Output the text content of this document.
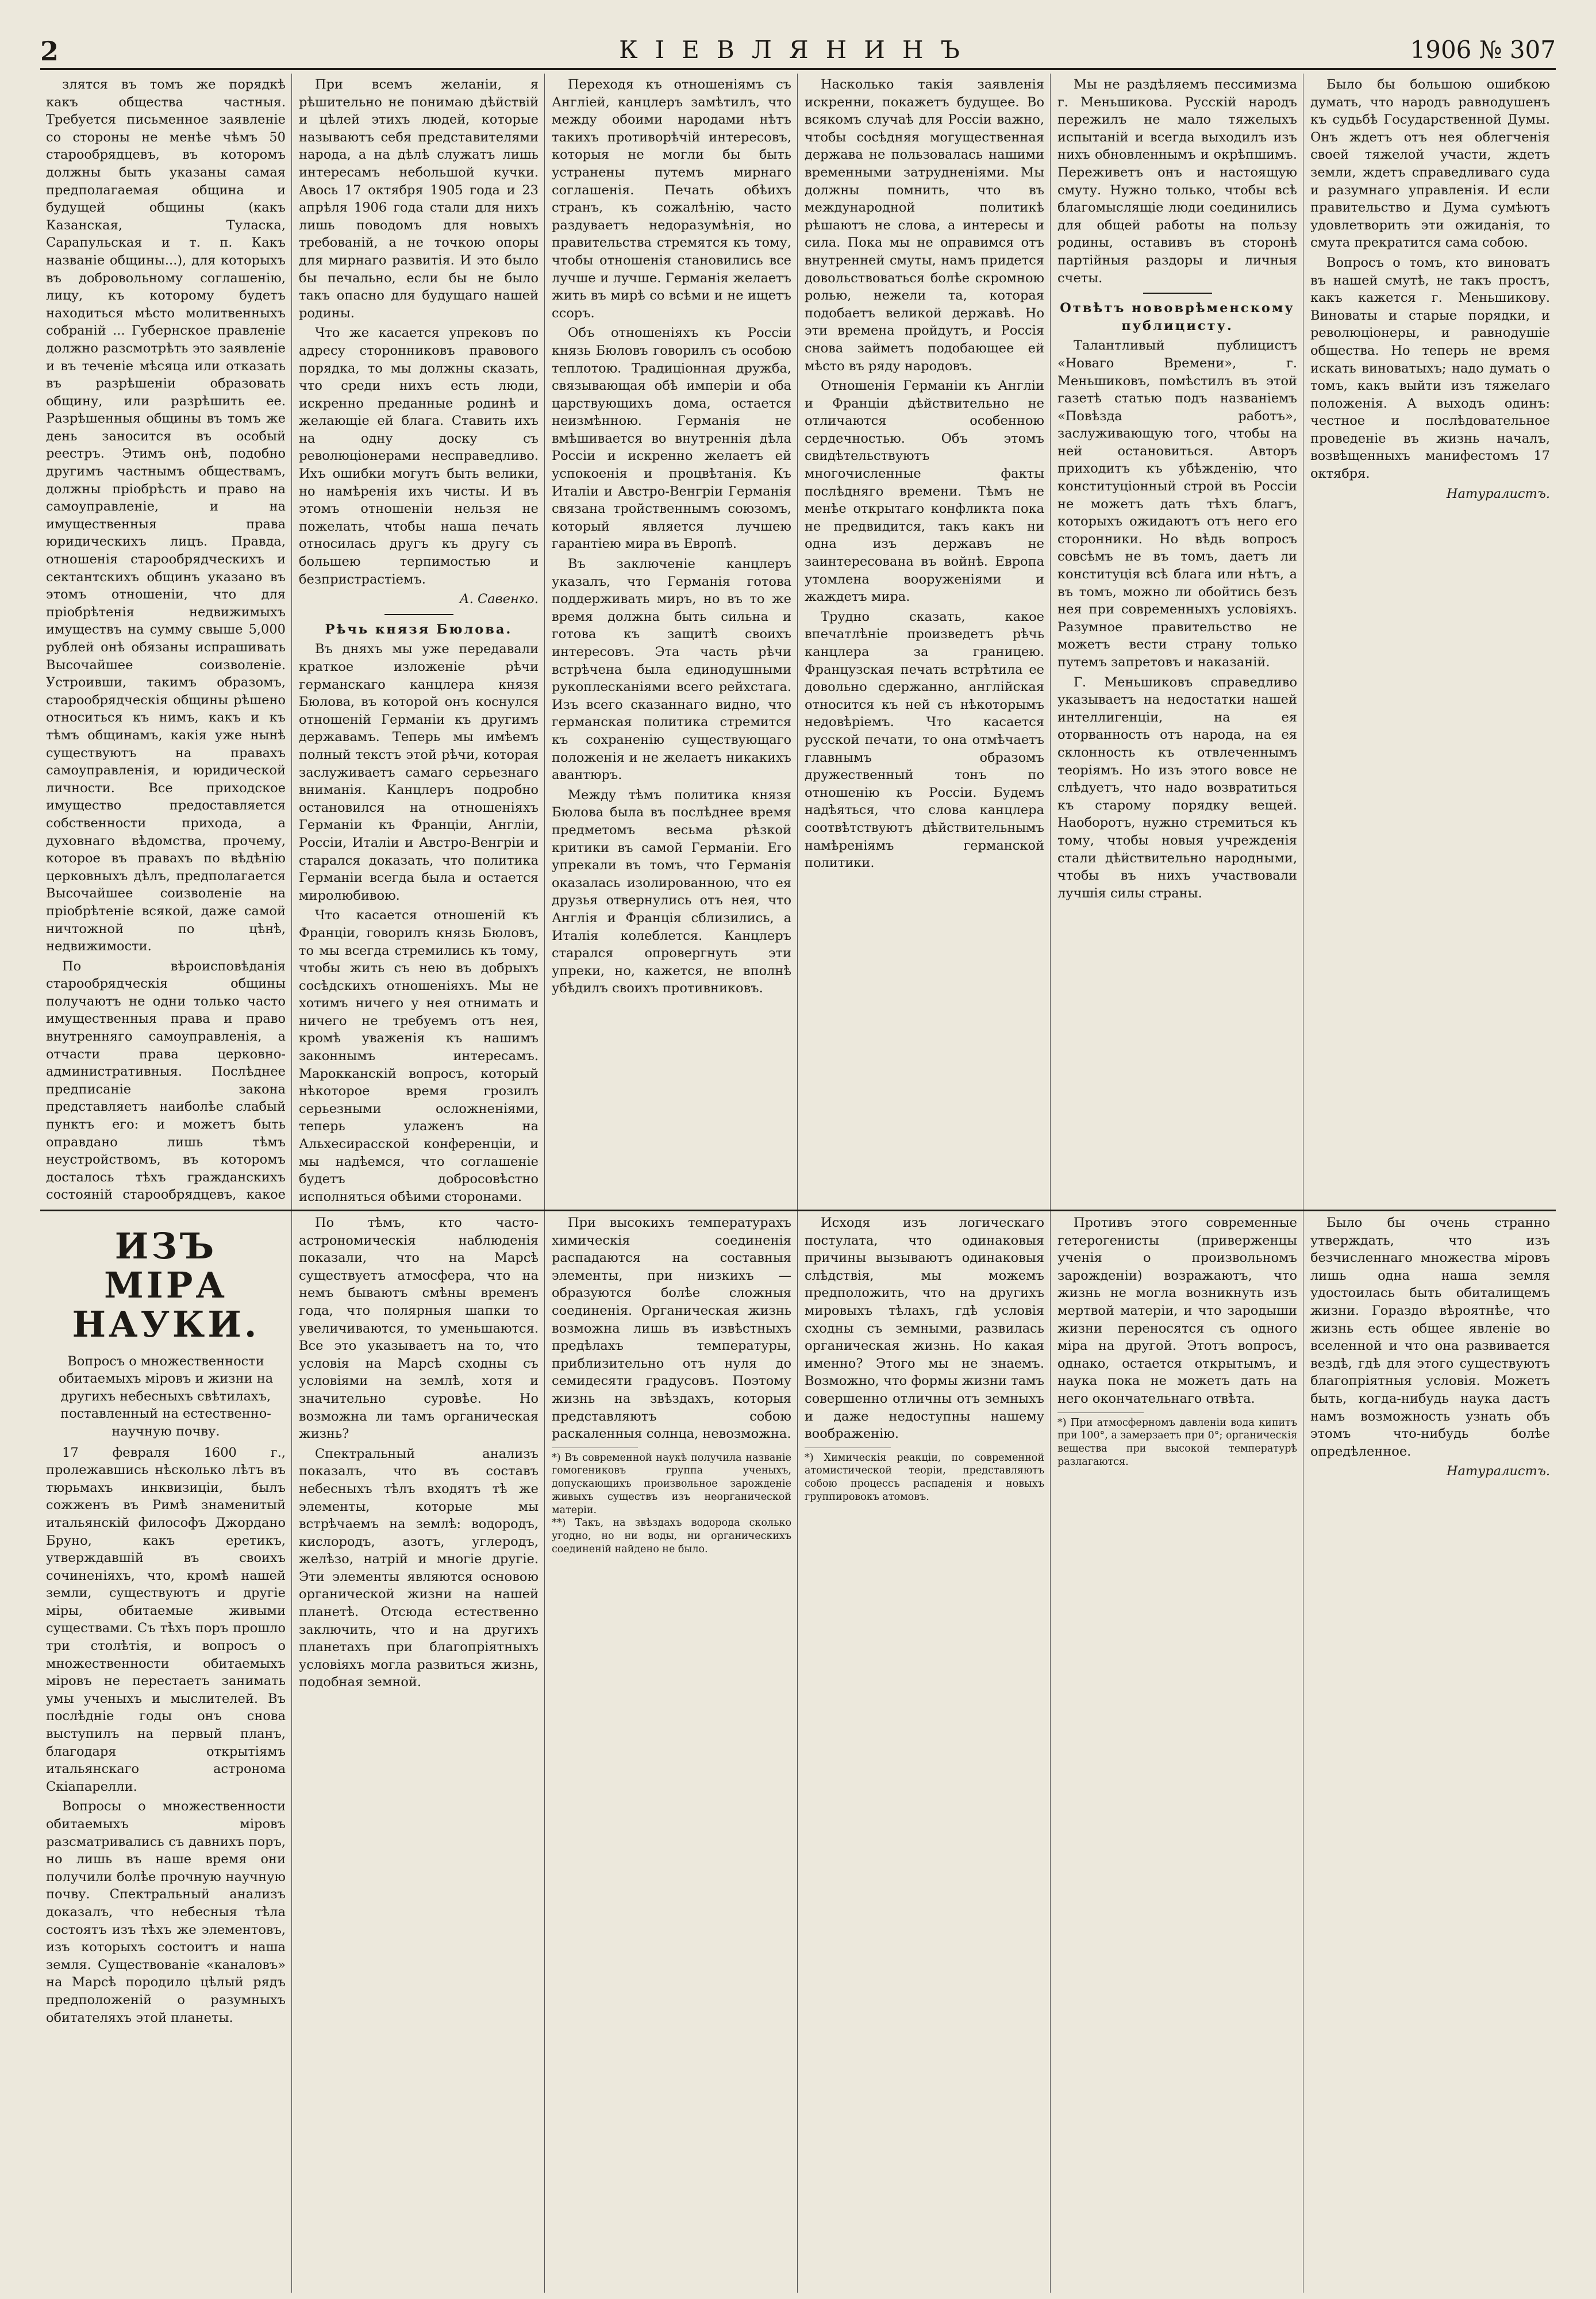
2	КІЕВЛЯНИНЪ	1906 № 307

злятся въ томъ же порядкѣ какъ общества частныя. Требуется письменное заявленіе со стороны не менѣе чѣмъ 50 старообрядцевъ, въ которомъ должны быть указаны самая предполагаемая община и будущей общины (какъ Казанская, Туласка, Сарапульская и т. п. Какъ названіе общины...), для которыхъ въ добровольному соглашенію, лицу, къ которому будетъ находиться мѣсто молитвенныхъ собраній ... Губернское правленіе должно разсмотрѣть это заявленіе и въ теченіе мѣсяца или отказать въ разрѣшеніи образовать общину, или разрѣшить ее. Разрѣшенныя общины въ томъ же день заносится въ особый реестръ. Этимъ онѣ, подобно другимъ частнымъ обществамъ, должны пріобрѣсть и право на самоуправленіе, и на имущественныя права юридическихъ лицъ. Правда, отношенія старообрядческихъ и сектантскихъ общинъ указано въ этомъ отношеніи, что для пріобрѣтенія недвижимыхъ имуществъ на сумму свыше 5,000 рублей онѣ обязаны испрашивать Высочайшее соизволеніе. Устроивши, такимъ образомъ, старообрядческія общины рѣшено относиться къ нимъ, какъ и къ тѣмъ общинамъ, какія уже нынѣ существуютъ на правахъ самоуправленія, и юридической личности. Все приходское имущество предоставляется собственности прихода, а духовнаго вѣдомства, прочему, которое въ правахъ по вѣдѣнію церковныхъ дѣлъ, предполагается Высочайшее соизволеніе на пріобрѣтеніе всякой, даже самой ничтожной по цѣнѣ, недвижимости.

По вѣроисповѣданія старообрядческія общины получаютъ не одни только часто имущественныя права и право внутренняго самоуправленія, а отчасти права церковно-административныя. Послѣднее предписаніе закона представляетъ наиболѣе слабый пунктъ его: и можетъ быть оправдано лишь тѣмъ неустройствомъ, въ которомъ досталось тѣхъ гражданскихъ состояній старообрядцевъ, какое

При всемъ желаніи, я рѣшительно не понимаю дѣйствій и цѣлей этихъ людей, которые называютъ себя представителями народа, а на дѣлѣ служатъ лишь интересамъ небольшой кучки. Авось 17 октября 1905 года и 23 апрѣля 1906 года стали для нихъ лишь поводомъ для новыхъ требованій, а не точкою опоры для мирнаго развитія. И это было бы печально, если бы не было такъ опасно для будущаго нашей родины.

Что же касается упрековъ по адресу сторонниковъ правового порядка, то мы должны сказать, что среди нихъ есть люди, искренно преданные родинѣ и желающіе ей блага. Ставить ихъ на одну доску съ революціонерами несправедливо. Ихъ ошибки могутъ быть велики, но намѣренія ихъ чисты. И въ этомъ отношеніи нельзя не пожелать, чтобы наша печать относилась другъ къ другу съ большею терпимостью и безпристрастіемъ.

А. Савенко.
Рѣчь князя Бюлова.

Въ дняхъ мы уже передавали краткое изложеніе рѣчи германскаго канцлера князя Бюлова, въ которой онъ коснулся отношеній Германіи къ другимъ державамъ. Теперь мы имѣемъ полный текстъ этой рѣчи, которая заслуживаетъ самаго серьезнаго вниманія. Канцлеръ подробно остановился на отношеніяхъ Германіи къ Франціи, Англіи, Россіи, Италіи и Австро-Венгріи и старался доказать, что политика Германіи всегда была и остается миролюбивою.

Что касается отношеній къ Франціи, говорилъ князь Бюловъ, то мы всегда стремились къ тому, чтобы жить съ нею въ добрыхъ сосѣдскихъ отношеніяхъ. Мы не хотимъ ничего у нея отнимать и ничего не требуемъ отъ нея, кромѣ уваженія къ нашимъ законнымъ интересамъ. Марокканскій вопросъ, который нѣкоторое время грозилъ серьезными осложненіями, теперь улаженъ на Альхесирасской конференціи, и мы надѣемся, что соглашеніе будетъ добросовѣстно исполняться обѣими сторонами.

Переходя къ отношеніямъ съ Англіей, канцлеръ замѣтилъ, что между обоими народами нѣтъ такихъ противорѣчій интересовъ, которыя не могли бы быть устранены путемъ мирнаго соглашенія. Печать обѣихъ странъ, къ сожалѣнію, часто раздуваетъ недоразумѣнія, но правительства стремятся къ тому, чтобы отношенія становились все лучше и лучше. Германія желаетъ жить въ мирѣ со всѣми и не ищетъ ссоръ.

Объ отношеніяхъ къ Россіи князь Бюловъ говорилъ съ особою теплотою. Традиціонная дружба, связывающая обѣ имперіи и оба царствующихъ дома, остается неизмѣнною. Германія не вмѣшивается во внутреннія дѣла Россіи и искренно желаетъ ей успокоенія и процвѣтанія. Къ Италіи и Австро-Венгріи Германія связана тройственнымъ союзомъ, который является лучшею гарантіею мира въ Европѣ.

Въ заключеніе канцлеръ указалъ, что Германія готова поддерживать миръ, но въ то же время должна быть сильна и готова къ защитѣ своихъ интересовъ. Эта часть рѣчи встрѣчена была единодушными рукоплесканіями всего рейхстага. Изъ всего сказаннаго видно, что германская политика стремится къ сохраненію существующаго положенія и не желаетъ никакихъ авантюръ.

Между тѣмъ политика князя Бюлова была въ послѣднее время предметомъ весьма рѣзкой критики въ самой Германіи. Его упрекали въ томъ, что Германія оказалась изолированною, что ея друзья отвернулись отъ нея, что Англія и Франція сблизились, а Италія колеблется. Канцлеръ старался опровергнуть эти упреки, но, кажется, не вполнѣ убѣдилъ своихъ противниковъ.

Насколько такія заявленія искренни, покажетъ будущее. Во всякомъ случаѣ для Россіи важно, чтобы сосѣдняя могущественная держава не пользовалась нашими временными затрудненіями. Мы должны помнить, что въ международной политикѣ рѣшаютъ не слова, а интересы и сила. Пока мы не оправимся отъ внутренней смуты, намъ придется довольствоваться болѣе скромною ролью, нежели та, которая подобаетъ великой державѣ. Но эти времена пройдутъ, и Россія снова займетъ подобающее ей мѣсто въ ряду народовъ.

Отношенія Германіи къ Англіи и Франціи дѣйствительно не отличаются особенною сердечностью. Объ этомъ свидѣтельствуютъ многочисленные факты послѣдняго времени. Тѣмъ не менѣе открытаго конфликта пока не предвидится, такъ какъ ни одна изъ державъ не заинтересована въ войнѣ. Европа утомлена вооруженіями и жаждетъ мира.

Трудно сказать, какое впечатлѣніе произведетъ рѣчь канцлера за границею. Французская печать встрѣтила ее довольно сдержанно, англійская относится къ ней съ нѣкоторымъ недовѣріемъ. Что касается русской печати, то она отмѣчаетъ главнымъ образомъ дружественный тонъ по отношенію къ Россіи. Будемъ надѣяться, что слова канцлера соотвѣтствуютъ дѣйствительнымъ намѣреніямъ германской политики.

Мы не раздѣляемъ пессимизма г. Меньшикова. Русскій народъ пережилъ не мало тяжелыхъ испытаній и всегда выходилъ изъ нихъ обновленнымъ и окрѣпшимъ. Переживетъ онъ и настоящую смуту. Нужно только, чтобы всѣ благомыслящіе люди соединились для общей работы на пользу родины, оставивъ въ сторонѣ партійныя раздоры и личныя счеты.

Отвѣтъ нововрѣменскому публицисту.

Талантливый публицистъ «Новаго Времени», г. Меньшиковъ, помѣстилъ въ этой газетѣ статью подъ названіемъ «Повѣзда работъ», заслуживающую того, чтобы на ней остановиться. Авторъ приходитъ къ убѣжденію, что конституціонный строй въ Россіи не можетъ дать тѣхъ благъ, которыхъ ожидаютъ отъ него его сторонники. Но вѣдь вопросъ совсѣмъ не въ томъ, даетъ ли конституція всѣ блага или нѣтъ, а въ томъ, можно ли обойтись безъ нея при современныхъ условіяхъ. Разумное правительство не можетъ вести страну только путемъ запретовъ и наказаній.

Г. Меньшиковъ справедливо указываетъ на недостатки нашей интеллигенціи, на ея оторванность отъ народа, на ея склонность къ отвлеченнымъ теоріямъ. Но изъ этого вовсе не слѣдуетъ, что надо возвратиться къ старому порядку вещей. Наоборотъ, нужно стремиться къ тому, чтобы новыя учрежденія стали дѣйствительно народными, чтобы въ нихъ участвовали лучшія силы страны.

Было бы большою ошибкою думать, что народъ равнодушенъ къ судьбѣ Государственной Думы. Онъ ждетъ отъ нея облегченія своей тяжелой участи, ждетъ земли, ждетъ справедливаго суда и разумнаго управленія. И если правительство и Дума сумѣютъ удовлетворить эти ожиданія, то смута прекратится сама собою.

Вопросъ о томъ, кто виноватъ въ нашей смутѣ, не такъ простъ, какъ кажется г. Меньшикову. Виноваты и старые порядки, и революціонеры, и равнодушіе общества. Но теперь не время искать виноватыхъ; надо думать о томъ, какъ выйти изъ тяжелаго положенія. А выходъ одинъ: честное и послѣдовательное проведеніе въ жизнь началъ, возвѣщенныхъ манифестомъ 17 октября.

Натуралистъ.
ИЗЪ МІРА НАУКИ.
Вопросъ о множественности обитаемыхъ міровъ и жизни на другихъ небесныхъ свѣтилахъ, поставленный на естественно-научную почву.

17 февраля 1600 г., пролежавшись нѣсколько лѣтъ въ тюрьмахъ инквизиціи, былъ сожженъ въ Римѣ знаменитый итальянскій философъ Джордано Бруно, какъ еретикъ, утверждавшій въ своихъ сочиненіяхъ, что, кромѣ нашей земли, существуютъ и другіе міры, обитаемые живыми существами. Съ тѣхъ поръ прошло три столѣтія, и вопросъ о множественности обитаемыхъ міровъ не перестаетъ занимать умы ученыхъ и мыслителей. Въ послѣдніе годы онъ снова выступилъ на первый планъ, благодаря открытіямъ итальянскаго астронома Скіапарелли.

Вопросы о множественности обитаемыхъ міровъ разсматривались съ давнихъ поръ, но лишь въ наше время они получили болѣе прочную научную почву. Спектральный анализъ доказалъ, что небесныя тѣла состоятъ изъ тѣхъ же элементовъ, изъ которыхъ состоитъ и наша земля. Существованіе «каналовъ» на Марсѣ породило цѣлый рядъ предположеній о разумныхъ обитателяхъ этой планеты.

По тѣмъ, кто часто-астрономическія наблюденія показали, что на Марсѣ существуетъ атмосфера, что на немъ бываютъ смѣны временъ года, что полярныя шапки то увеличиваются, то уменьшаются. Все это указываетъ на то, что условія на Марсѣ сходны съ условіями на землѣ, хотя и значительно суровѣе. Но возможна ли тамъ органическая жизнь?

Спектральный анализъ показалъ, что въ составъ небесныхъ тѣлъ входятъ тѣ же элементы, которые мы встрѣчаемъ на землѣ: водородъ, кислородъ, азотъ, углеродъ, желѣзо, натрій и многіе другіе. Эти элементы являются основою органической жизни на нашей планетѣ. Отсюда естественно заключить, что и на другихъ планетахъ при благопріятныхъ условіяхъ могла развиться жизнь, подобная земной.

При высокихъ температурахъ химическія соединенія распадаются на составныя элементы, при низкихъ — образуются болѣе сложныя соединенія. Органическая жизнь возможна лишь въ извѣстныхъ предѣлахъ температуры, приблизительно отъ нуля до семидесяти градусовъ. Поэтому жизнь на звѣздахъ, которыя представляютъ собою раскаленныя солнца, невозможна.

*) Въ современной наукѣ получила названіе гомогениковъ группа ученыхъ, допускающихъ произвольное зарожденіе живыхъ существъ изъ неорганической матеріи.
**) Такъ, на звѣздахъ водорода сколько угодно, но ни воды, ни органическихъ соединеній найдено не было.

Исходя изъ логическаго постулата, что одинаковыя причины вызываютъ одинаковыя слѣдствія, мы можемъ предположить, что на другихъ мировыхъ тѣлахъ, гдѣ условія сходны съ земными, развилась органическая жизнь. Но какая именно? Этого мы не знаемъ. Возможно, что формы жизни тамъ совершенно отличны отъ земныхъ и даже недоступны нашему воображенію.

*) Химическія реакціи, по современной атомистической теоріи, представляютъ собою процессъ распаденія и новыхъ группировокъ атомовъ.

Противъ этого современные гетерогенисты (приверженцы ученія о произвольномъ зарожденіи) возражаютъ, что жизнь не могла возникнуть изъ мертвой матеріи, и что зародыши жизни переносятся съ одного міра на другой. Этотъ вопросъ, однако, остается открытымъ, и наука пока не можетъ дать на него окончательнаго отвѣта.

*) При атмосферномъ давленіи вода кипитъ при 100°, а замерзаетъ при 0°; органическія вещества при высокой температурѣ разлагаются.

Было бы очень странно утверждать, что изъ безчисленнаго множества міровъ лишь одна наша земля удостоилась быть обиталищемъ жизни. Гораздо вѣроятнѣе, что жизнь есть общее явленіе во вселенной и что она развивается вездѣ, гдѣ для этого существуютъ благопріятныя условія. Можетъ быть, когда-нибудь наука дастъ намъ возможность узнать объ этомъ что-нибудь болѣе опредѣленное.

Натуралистъ.
